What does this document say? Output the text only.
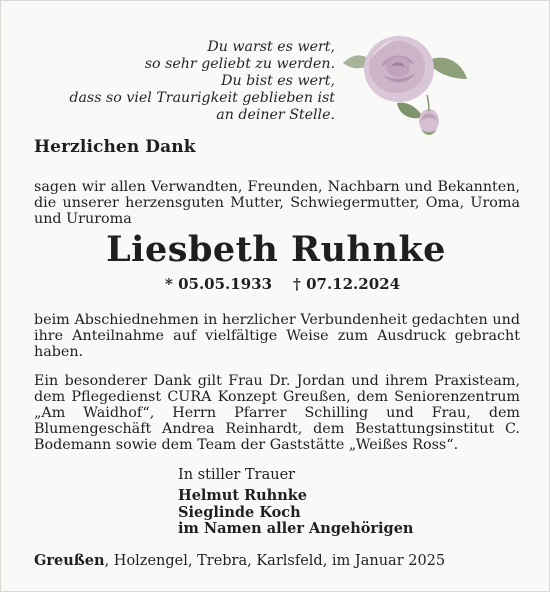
Du warst es wert,
so sehr geliebt zu werden.
Du bist es wert,
dass so viel Traurigkeit geblieben ist
an deiner Stelle.
Herzlichen Dank
sagen wir allen Verwandten, Freunden, Nachbarn und Bekannten, die unserer herzensguten Mutter, Schwiegermutter, Oma, Uroma und Ururoma
Liesbeth Ruhnke
* 05.05.1933 † 07.12.2024
beim Abschiednehmen in herzlicher Verbundenheit gedachten und ihre Anteilnahme auf vielfältige Weise zum Ausdruck gebracht haben.
Ein besonderer Dank gilt Frau Dr. Jordan und ihrem Praxisteam, dem Pflegedienst CURA Konzept Greußen, dem Seniorenzentrum „Am Waidhof“, Herrn Pfarrer Schilling und Frau, dem Blumengeschäft Andrea Reinhardt, dem Bestattungsinstitut C. Bodemann sowie dem Team der Gaststätte „Weißes Ross“.
In stiller Trauer
Helmut Ruhnke
Sieglinde Koch
im Namen aller Angehörigen
Greußen, Holzengel, Trebra, Karlsfeld, im Januar 2025
